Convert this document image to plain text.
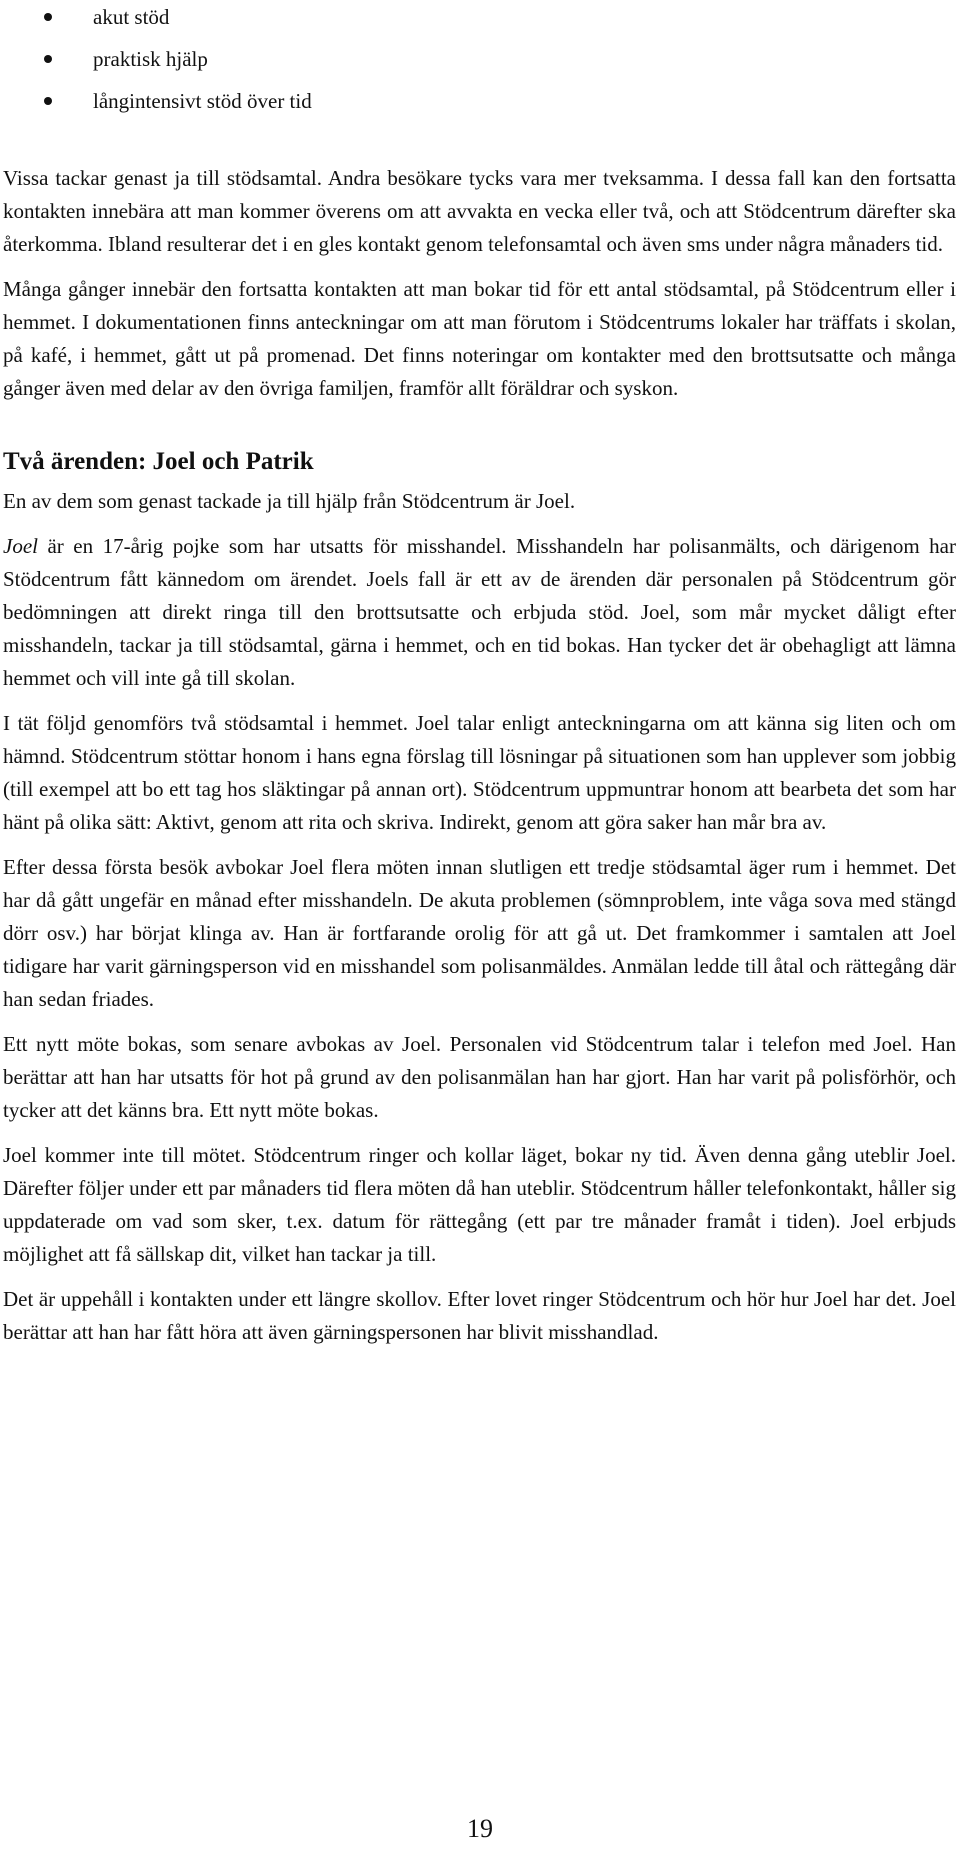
akut stöd
praktisk hjälp
långintensivt stöd över tid

Vissa tackar genast ja till stödsamtal. Andra besökare tycks vara mer tveksamma. I dessa fall kan den fortsatta kontakten innebära att man kommer överens om att avvakta en vecka eller två, och att Stödcentrum därefter ska återkomma. Ibland resulterar det i en gles kontakt genom telefonsamtal och även sms under några månaders tid.

Många gånger innebär den fortsatta kontakten att man bokar tid för ett antal stödsamtal, på Stödcentrum eller i hemmet. I dokumentationen finns anteckningar om att man förutom i Stödcentrums lokaler har träffats i skolan, på kafé, i hemmet, gått ut på promenad. Det finns noteringar om kontakter med den brottsutsatte och många gånger även med delar av den övriga familjen, framför allt föräldrar och syskon.

Två ärenden: Joel och Patrik

En av dem som genast tackade ja till hjälp från Stödcentrum är Joel.

Joel är en 17-årig pojke som har utsatts för misshandel. Misshandeln har polisanmälts, och därigenom har Stödcentrum fått kännedom om ärendet. Joels fall är ett av de ärenden där personalen på Stödcentrum gör bedömningen att direkt ringa till den brottsutsatte och erbjuda stöd. Joel, som mår mycket dåligt efter misshandeln, tackar ja till stödsamtal, gärna i hemmet, och en tid bokas. Han tycker det är obehagligt att lämna hemmet och vill inte gå till skolan.

I tät följd genomförs två stödsamtal i hemmet. Joel talar enligt anteckningarna om att känna sig liten och om hämnd. Stödcentrum stöttar honom i hans egna förslag till lösningar på situationen som han upplever som jobbig (till exempel att bo ett tag hos släktingar på annan ort). Stödcentrum uppmuntrar honom att bearbeta det som har hänt på olika sätt: Aktivt, genom att rita och skriva. Indirekt, genom att göra saker han mår bra av.

Efter dessa första besök avbokar Joel flera möten innan slutligen ett tredje stödsamtal äger rum i hemmet. Det har då gått ungefär en månad efter misshandeln. De akuta problemen (sömnproblem, inte våga sova med stängd dörr osv.) har börjat klinga av. Han är fortfarande orolig för att gå ut. Det framkommer i samtalen att Joel tidigare har varit gärningsperson vid en misshandel som polisanmäldes. Anmälan ledde till åtal och rättegång där han sedan friades.

Ett nytt möte bokas, som senare avbokas av Joel. Personalen vid Stödcentrum talar i telefon med Joel. Han berättar att han har utsatts för hot på grund av den polisanmälan han har gjort. Han har varit på polisförhör, och tycker att det känns bra. Ett nytt möte bokas.

Joel kommer inte till mötet. Stödcentrum ringer och kollar läget, bokar ny tid. Även denna gång uteblir Joel. Därefter följer under ett par månaders tid flera möten då han uteblir. Stödcentrum håller telefonkontakt, håller sig uppdaterade om vad som sker, t.ex. datum för rättegång (ett par tre månader framåt i tiden). Joel erbjuds möjlighet att få sällskap dit, vilket han tackar ja till.

Det är uppehåll i kontakten under ett längre skollov. Efter lovet ringer Stödcentrum och hör hur Joel har det. Joel berättar att han har fått höra att även gärningspersonen har blivit misshandlad.

19
